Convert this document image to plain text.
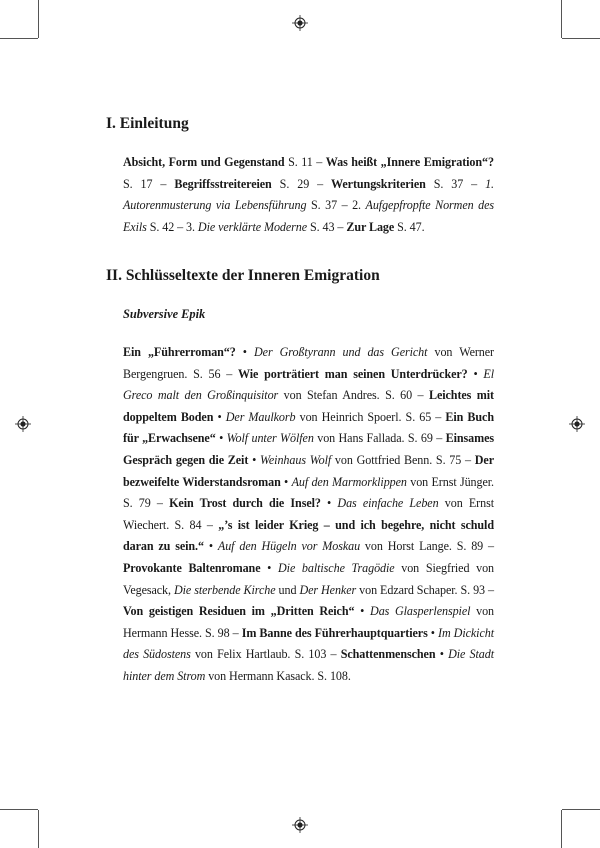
I. Einleitung

Absicht, Form und Gegenstand S. 11 – Was heißt „Innere Emigration“? S. 17 – Begriffsstreitereien S. 29 – Wertungskriterien S. 37 – 1. Autorenmusterung via Lebensführung S. 37 – 2. Aufgepfropfte Normen des Exils S. 42 – 3. Die verklärte Moderne S. 43 – Zur Lage S. 47.

II. Schlüsseltexte der Inneren Emigration
Subversive Epik

Ein „Führerroman“? • Der Großtyrann und das Gericht von Werner Bergengruen. S. 56 – Wie porträtiert man seinen Unterdrücker? • El Greco malt den Großinquisitor von Stefan Andres. S. 60 – Leichtes mit doppeltem Boden • Der Maulkorb von Heinrich Spoerl. S. 65 – Ein Buch für „Erwachsene“ • Wolf unter Wölfen von Hans Fallada. S. 69 – Einsames Gespräch gegen die Zeit • Weinhaus Wolf von Gottfried Benn. S. 75 – Der bezweifelte Widerstandsroman • Auf den Marmorklippen von Ernst Jünger. S. 79 – Kein Trost durch die Insel? • Das einfache Leben von Ernst Wiechert. S. 84 – „’s ist leider Krieg – und ich begehre, nicht schuld daran zu sein.“ • Auf den Hügeln vor Moskau von Horst Lange. S. 89 – Provokante Baltenromane • Die baltische Tragödie von Siegfried von Vegesack, Die sterbende Kirche und Der Henker von Edzard Schaper. S. 93 – Von geistigen Residuen im „Dritten Reich“ • Das Glasperlenspiel von Hermann Hesse. S. 98 – Im Banne des Führerhauptquartiers • Im Dickicht des Südostens von Felix Hartlaub. S. 103 – Schattenmenschen • Die Stadt hinter dem Strom von Hermann Kasack. S. 108.
